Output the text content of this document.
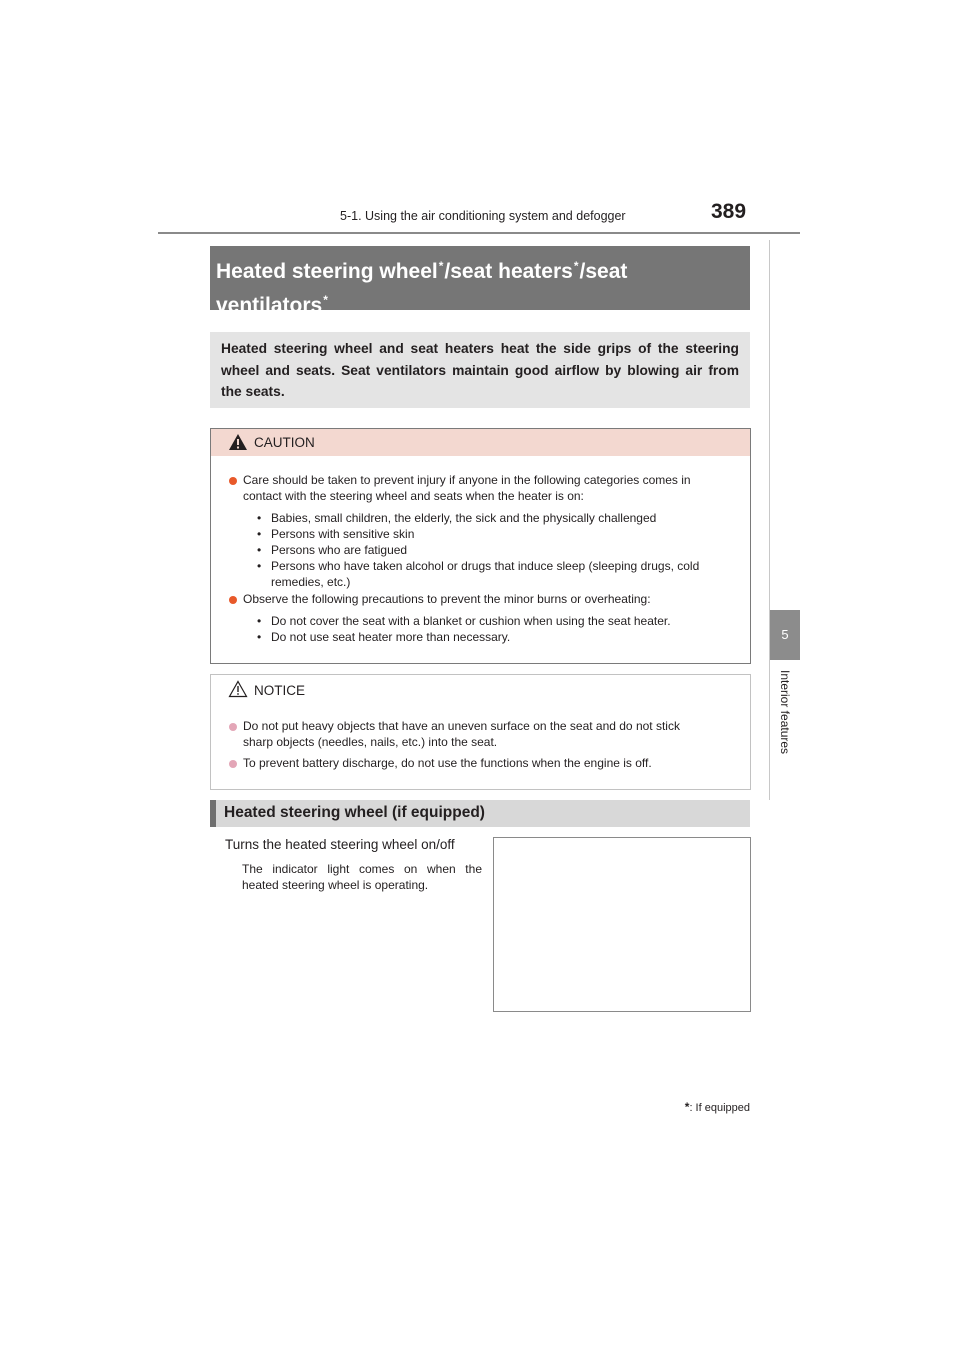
5-1. Using the air conditioning system and defogger	389
5
Interior features
Heated steering wheel*/seat heaters*/seat
ventilators*

Heated steering wheel and seat heaters heat the side grips of the steering wheel and seats. Seat ventilators maintain good airflow by blowing air from the seats.

CAUTION
Care should be taken to prevent injury if anyone in the following categories comes in
contact with the steering wheel and seats when the heater is on:
• Babies, small children, the elderly, the sick and the physically challenged
• Persons with sensitive skin
• Persons who are fatigued
• Persons who have taken alcohol or drugs that induce sleep (sleeping drugs, cold
remedies, etc.)
Observe the following precautions to prevent the minor burns or overheating:
• Do not cover the seat with a blanket or cushion when using the seat heater.
• Do not use seat heater more than necessary.
NOTICE
Do not put heavy objects that have an uneven surface on the seat and do not stick
sharp objects (needles, nails, etc.) into the seat.
To prevent battery discharge, do not use the functions when the engine is off.
Heated steering wheel (if equipped)
Turns the heated steering wheel on/off
The indicator light comes on when the heated steering wheel is operating.
*: If equipped
